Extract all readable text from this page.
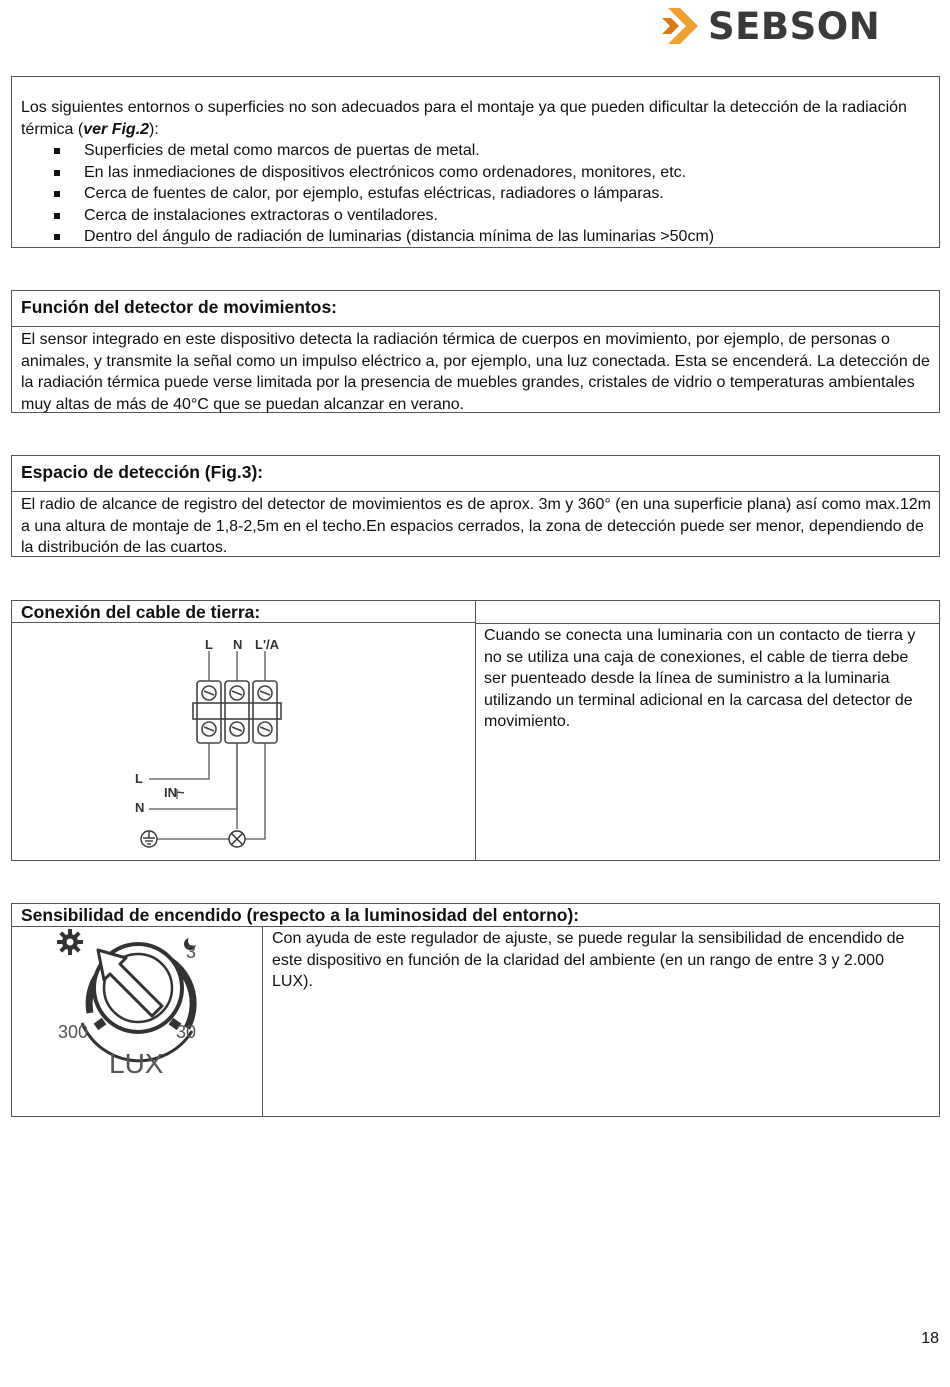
SEBSON

Los siguientes entornos o superficies no son adecuados para el montaje ya que pueden dificultar la detección de la radiación térmica (ver Fig.2):

Superficies de metal como marcos de puertas de metal.
En las inmediaciones de dispositivos electrónicos como ordenadores, monitores, etc.
Cerca de fuentes de calor, por ejemplo, estufas eléctricas, radiadores o lámparas.
Cerca de instalaciones extractoras o ventiladores.
Dentro del ángulo de radiación de luminarias (distancia mínima de las luminarias >50cm)
Función del detector de movimientos:
El sensor integrado en este dispositivo detecta la radiación térmica de cuerpos en movimiento, por ejemplo, de personas o animales, y transmite la señal como un impulso eléctrico a, por ejemplo, una luz conectada. Esta se encenderá. La detección de la radiación térmica puede verse limitada por la presencia de muebles grandes, cristales de vidrio o temperaturas ambientales muy altas de más de 40°C que se puedan alcanzar en verano.
Espacio de detección (Fig.3):
El radio de alcance de registro del detector de movimientos es de aprox. 3m y 360° (en una superficie plana) así como max.12m a una altura de montaje de 1,8-2,5m en el techo.En espacios cerrados, la zona de detección puede ser menor, dependiendo de la distribución de las cuartos.
Conexión del cable de tierra:
Cuando se conecta una luminaria con un contacto de tierra y no se utiliza una caja de conexiones, el cable de tierra debe ser puenteado desde la línea de suministro a la luminaria utilizando un terminal adicional en la carcasa del detector de movimiento.
L N L'/A
L
N
IN~
Sensibilidad de encendido (respecto a la luminosidad del entorno):
Con ayuda de este regulador de ajuste, se puede regular la sensibilidad de encendido de este dispositivo en función de la claridad del ambiente (en un rango de entre 3 y 2.000 LUX).
3
30
300
LUX
18
